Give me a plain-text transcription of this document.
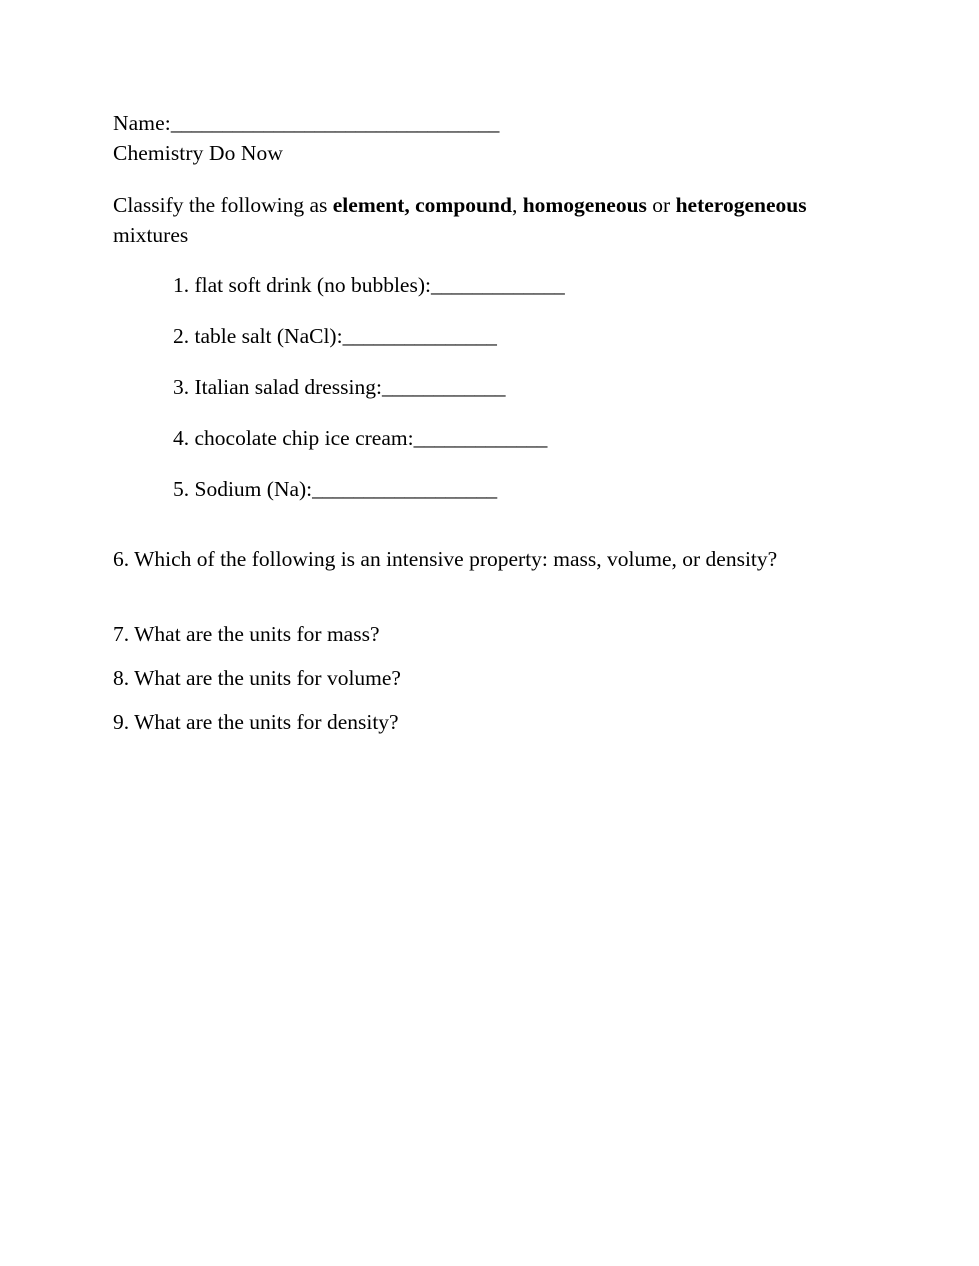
Name:________________________________
Chemistry Do Now
Classify the following as element, compound, homogeneous or heterogeneous mixtures
1. flat soft drink (no bubbles):_____________
2. table salt (NaCl):_______________
3. Italian salad dressing:____________
4. chocolate chip ice cream:_____________
5. Sodium (Na):__________________
6. Which of the following is an intensive property: mass, volume, or density?
7. What are the units for mass?
8. What are the units for volume?
9. What are the units for density?
